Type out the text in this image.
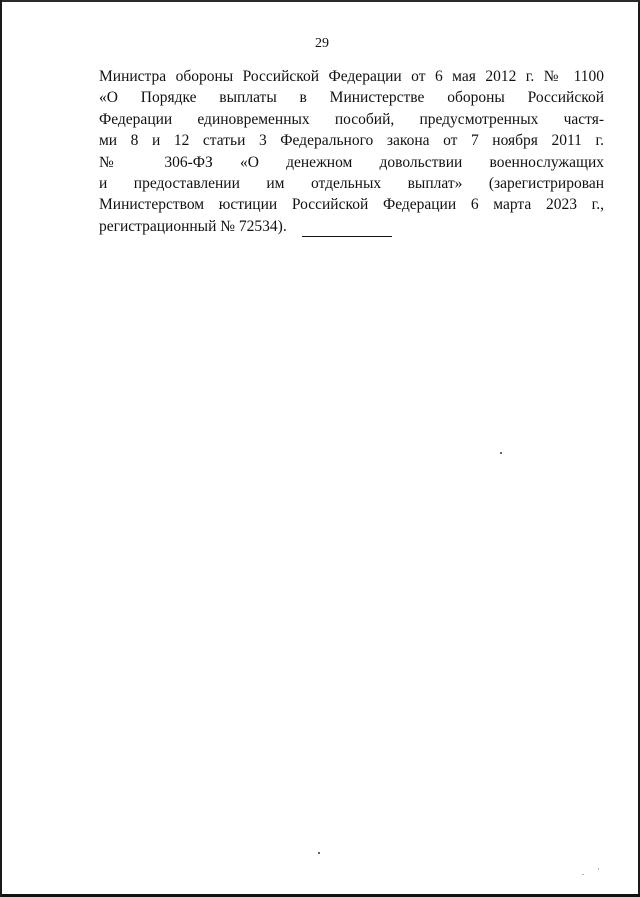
29
Министра обороны Российской Федерации от 6 мая 2012 г. № 1100
«О Порядке выплаты в Министерстве обороны Российской
Федерации единовременных пособий, предусмотренных частя-
ми 8 и 12 статьи 3 Федерального закона от 7 ноября 2011 г.
№ 306-ФЗ «О денежном довольствии военнослужащих
и предоставлении им отдельных выплат» (зарегистрирован
Министерством юстиции Российской Федерации 6 марта 2023 г.,
регистрационный № 72534).
